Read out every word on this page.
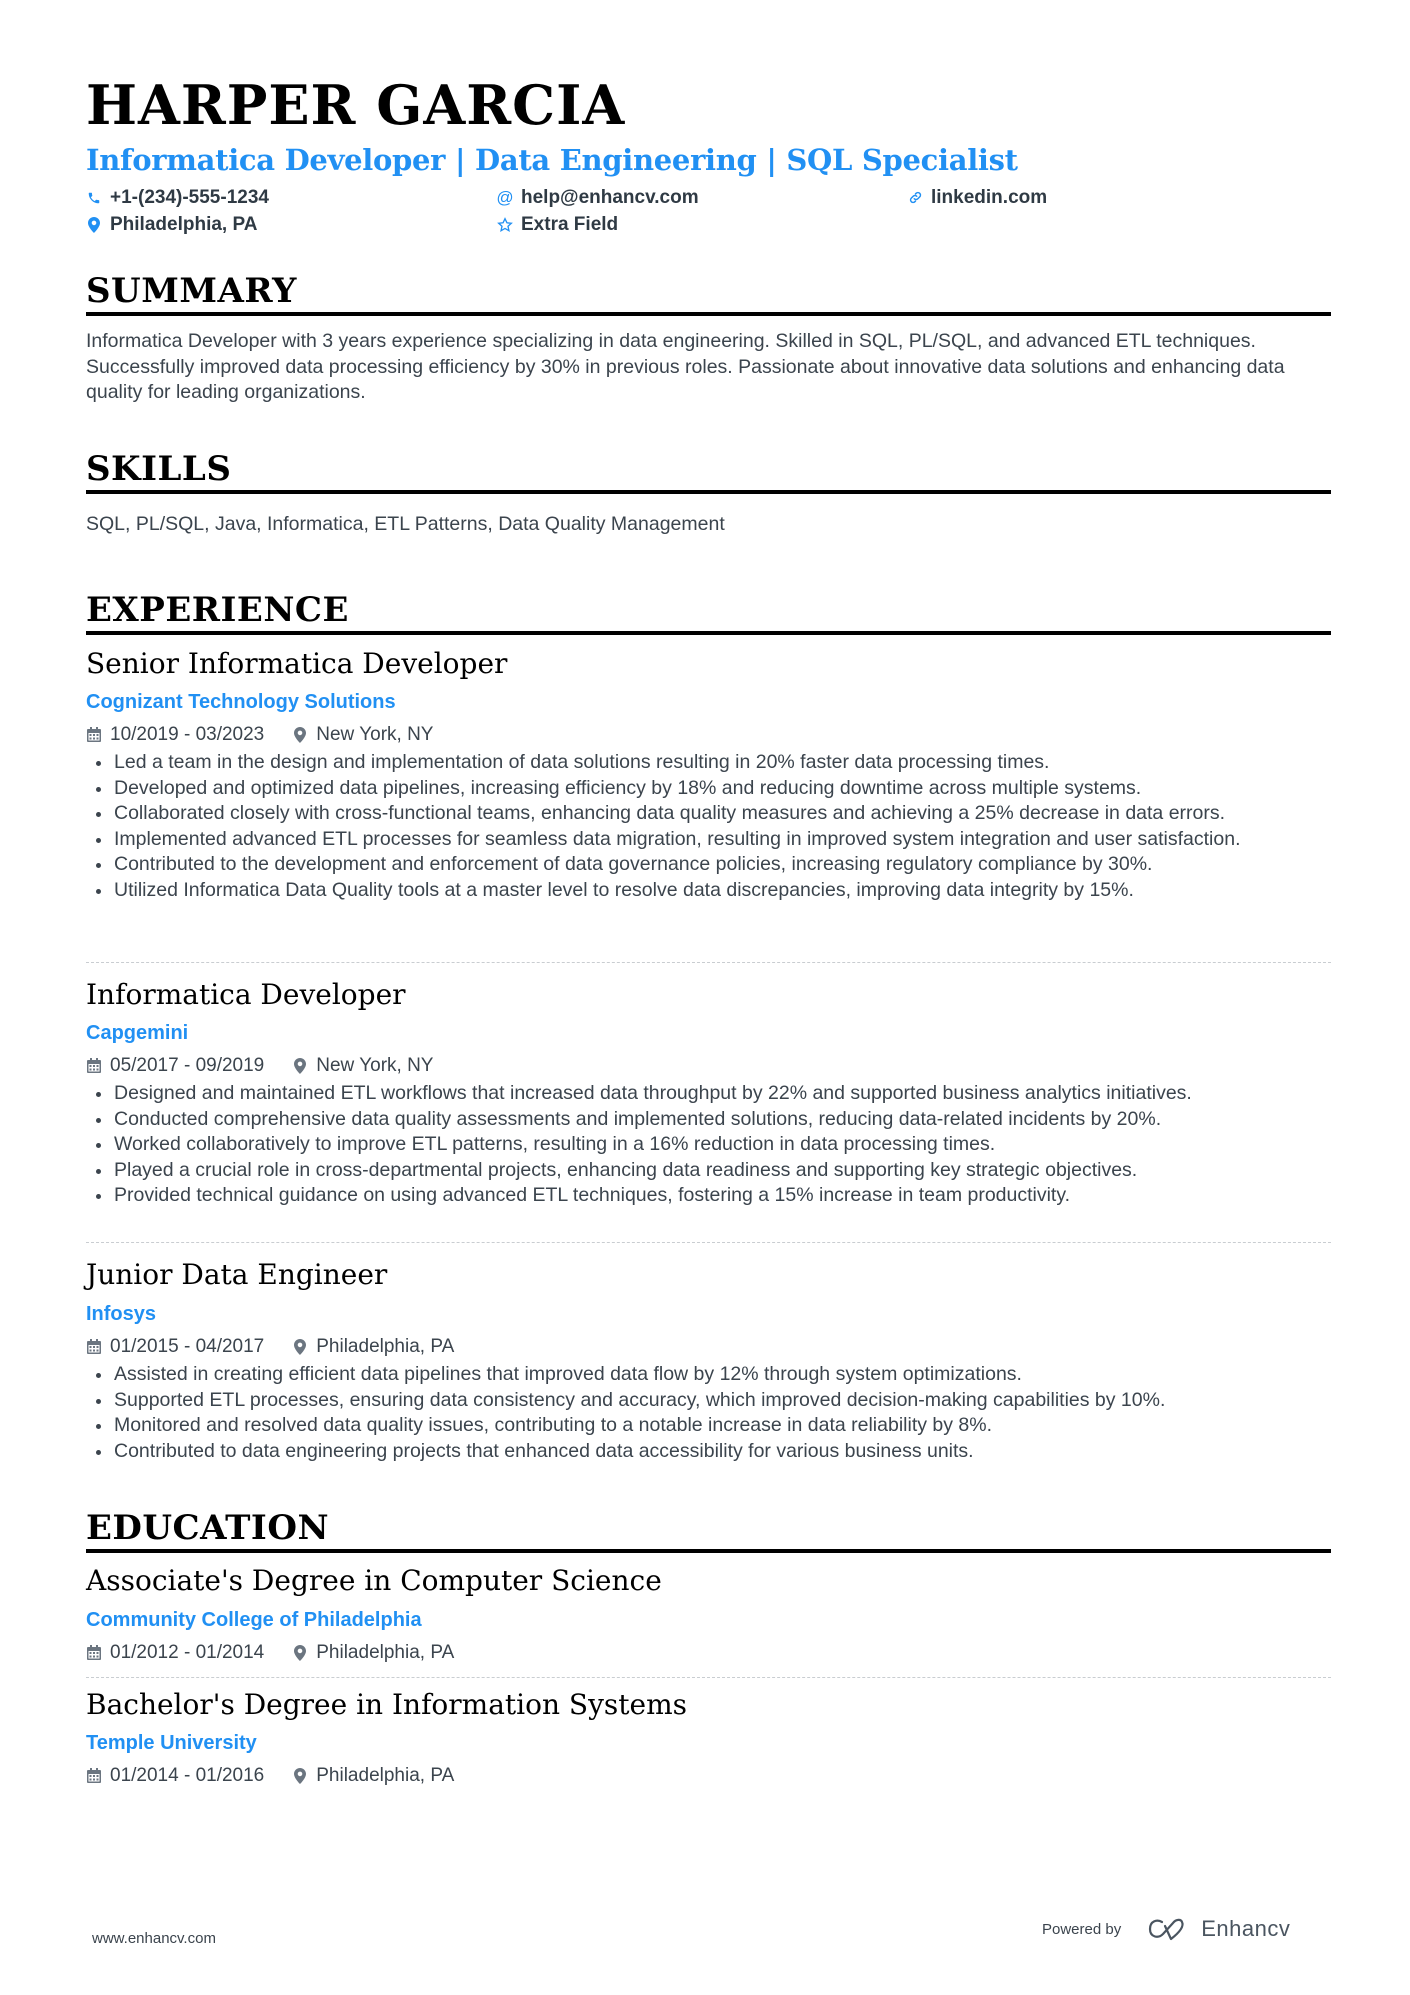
HARPER GARCIA
Informatica Developer | Data Engineering | SQL Specialist
+1-(234)-555-1234	@ help@enhancv.com	linkedin.com
Philadelphia, PA	Extra Field
SUMMARY

Informatica Developer with 3 years experience specializing in data engineering. Skilled in SQL, PL/SQL, and advanced ETL techniques. Successfully improved data processing efficiency by 30% in previous roles. Passionate about innovative data solutions and enhancing data quality for leading organizations.

SKILLS

SQL, PL/SQL, Java, Informatica, ETL Patterns, Data Quality Management

EXPERIENCE
Senior Informatica Developer
Cognizant Technology Solutions
10/2019 - 03/2023	New York, NY
Led a team in the design and implementation of data solutions resulting in 20% faster data processing times.
Developed and optimized data pipelines, increasing efficiency by 18% and reducing downtime across multiple systems.
Collaborated closely with cross-functional teams, enhancing data quality measures and achieving a 25% decrease in data errors.
Implemented advanced ETL processes for seamless data migration, resulting in improved system integration and user satisfaction.
Contributed to the development and enforcement of data governance policies, increasing regulatory compliance by 30%.
Utilized Informatica Data Quality tools at a master level to resolve data discrepancies, improving data integrity by 15%.
Informatica Developer
Capgemini
05/2017 - 09/2019	New York, NY
Designed and maintained ETL workflows that increased data throughput by 22% and supported business analytics initiatives.
Conducted comprehensive data quality assessments and implemented solutions, reducing data-related incidents by 20%.
Worked collaboratively to improve ETL patterns, resulting in a 16% reduction in data processing times.
Played a crucial role in cross-departmental projects, enhancing data readiness and supporting key strategic objectives.
Provided technical guidance on using advanced ETL techniques, fostering a 15% increase in team productivity.
Junior Data Engineer
Infosys
01/2015 - 04/2017	Philadelphia, PA
Assisted in creating efficient data pipelines that improved data flow by 12% through system optimizations.
Supported ETL processes, ensuring data consistency and accuracy, which improved decision-making capabilities by 10%.
Monitored and resolved data quality issues, contributing to a notable increase in data reliability by 8%.
Contributed to data engineering projects that enhanced data accessibility for various business units.
EDUCATION
Associate's Degree in Computer Science
Community College of Philadelphia
01/2012 - 01/2014	Philadelphia, PA
Bachelor's Degree in Information Systems
Temple University
01/2014 - 01/2016	Philadelphia, PA
www.enhancv.com
Powered by	Enhancv
